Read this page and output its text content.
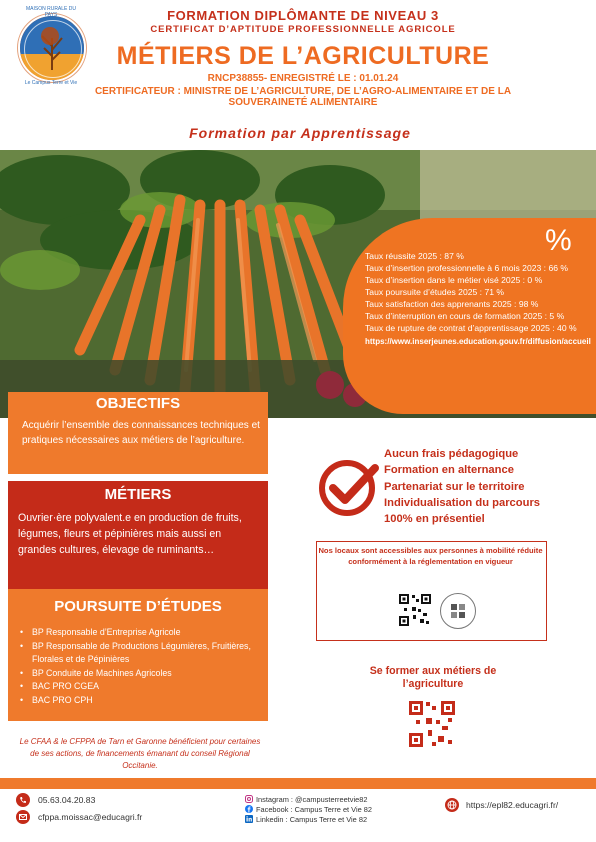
MAISON RURALE DU PAYS
Le Campus Terre et Vie
FORMATION DIPLÔMANTE DE NIVEAU 3
CERTIFICAT D’APTITUDE PROFESSIONNELLE AGRICOLE
MÉTIERS DE L’AGRICULTURE
RNCP38855- ENREGISTRÉ LE : 01.01.24
CERTIFICATEUR : MINISTRE DE L’AGRICULTURE, DE L’AGRO-ALIMENTAIRE ET DE LA SOUVERAINETÉ ALIMENTAIRE
Formation par Apprentissage
%

Taux réussite 2025 : 87 %

Taux d’insertion professionnelle à 6 mois 2023 : 66 %

Taux d’insertion dans le métier visé 2025 : 0 %

Taux poursuite d’études 2025 : 71 %

Taux satisfaction des apprenants 2025 : 98 %

Taux d’interruption en cours de formation 2025 : 5 %

Taux de rupture de contrat d’apprentissage 2025 : 40 %

https://www.inserjeunes.education.gouv.fr/diffusion/accueil

OBJECTIFS
Acquérir l’ensemble des connaissances techniques et pratiques nécessaires aux métiers de l’agriculture.
MÉTIERS
Ouvrier·ère polyvalent.e en production de fruits,
légumes, fleurs et pépinières mais aussi en
grandes cultures, élevage de ruminants…
POURSUITE D’ÉTUDES
• BP Responsable d’Entreprise Agricole
• BP Responsable de Productions Légumières, Fruitières, Florales et de Pépinières
• BP Conduite de Machines Agricoles
• BAC PRO CGEA
• BAC PRO CPH
Le CFAA & le CFPPA de Tarn et Garonne bénéficient pour certaines de ses actions, de financements émanant du conseil Régional Occitanie.
Aucun frais pédagogique
Formation en alternance
Partenariat sur le territoire
Individualisation du parcours
100% en présentiel
Nos locaux sont accessibles aux personnes à mobilité réduite conformément à la réglementation en vigueur
Se former aux métiers de l’agriculture
05.63.04.20.83
cfppa.moissac@educagri.fr
Instagram : @campusterreetvie82
Facebook : Campus Terre et Vie 82
Linkedin : Campus Terre et Vie 82
https://epl82.educagri.fr/
